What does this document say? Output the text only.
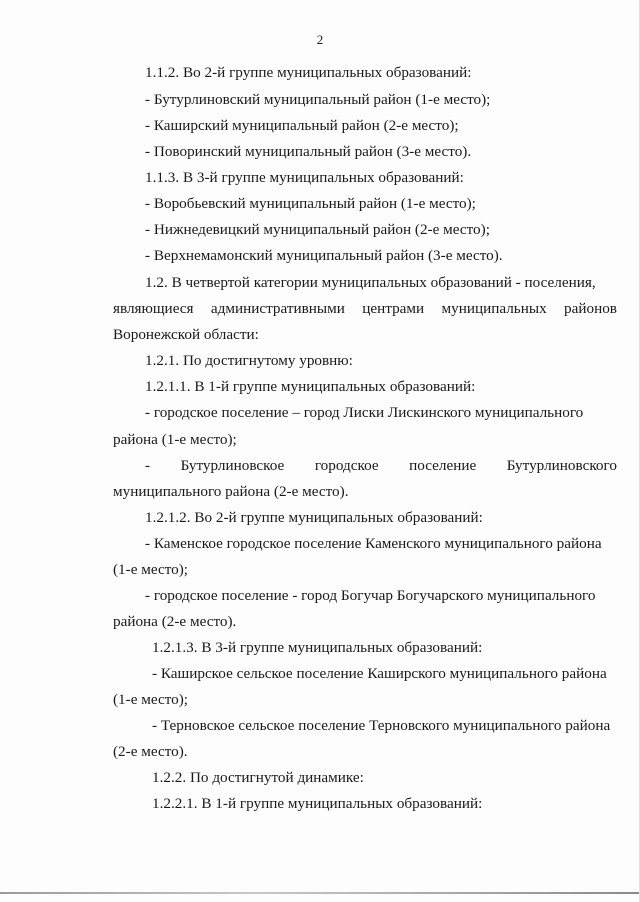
2
1.1.2. Во 2-й группе муниципальных образований:
- Бутурлиновский муниципальный район (1-е место);
- Каширский муниципальный район (2-е место);
- Поворинский муниципальный район (3-е место).
1.1.3. В 3-й группе муниципальных образований:
- Воробьевский муниципальный район (1-е место);
- Нижнедевицкий муниципальный район (2-е место);
- Верхнемамонский муниципальный район (3-е место).
1.2. В четвертой категории муниципальных образований - поселения,
являющиеся административными центрами муниципальных районов
Воронежской области:
1.2.1. По достигнутому уровню:
1.2.1.1. В 1-й группе муниципальных образований:
- городское поселение – город Лиски Лискинского муниципального
района (1-е место);
- Бутурлиновское городское поселение Бутурлиновского
муниципального района (2-е место).
1.2.1.2. Во 2-й группе муниципальных образований:
- Каменское городское поселение Каменского муниципального района
(1-е место);
- городское поселение - город Богучар Богучарского муниципального
района (2-е место).
1.2.1.3. В 3-й группе муниципальных образований:
- Каширское сельское поселение Каширского муниципального района
(1-е место);
- Терновское сельское поселение Терновского муниципального района
(2-е место).
1.2.2. По достигнутой динамике:
1.2.2.1. В 1-й группе муниципальных образований:
